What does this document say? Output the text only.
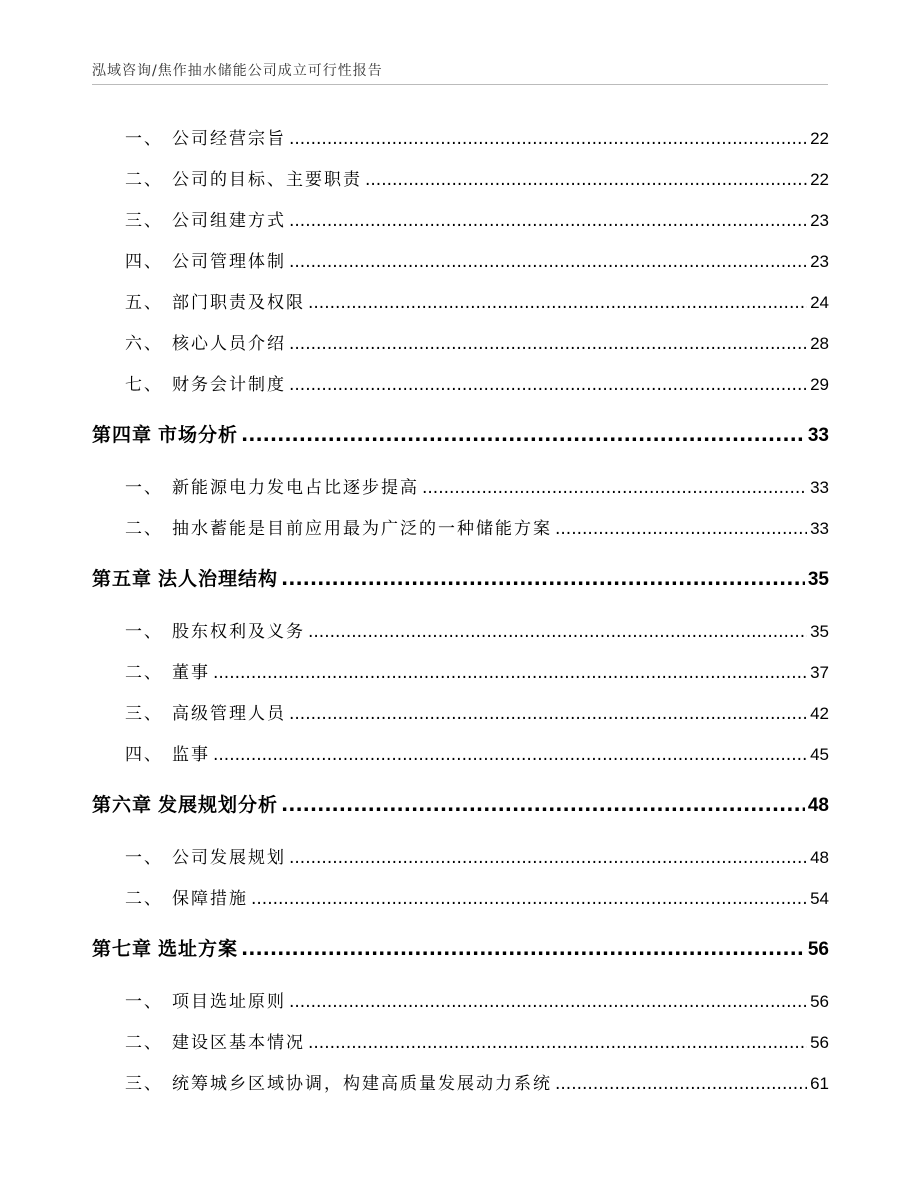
泓域咨询/焦作抽水储能公司成立可行性报告
一、 公司经营宗旨 .....	22
二、 公司的目标、主要职责 .....	22
三、 公司组建方式 .....	23
四、 公司管理体制 .....	23
五、 部门职责及权限 .....	24
六、 核心人员介绍 .....	28
七、 财务会计制度 .....	29
第四章 市场分析 .....	33
一、 新能源电力发电占比逐步提高 .....	33
二、 抽水蓄能是目前应用最为广泛的一种储能方案 .....	33
第五章 法人治理结构 .....	35
一、 股东权利及义务 .....	35
二、 董事 .....	37
三、 高级管理人员 .....	42
四、 监事 .....	45
第六章 发展规划分析 .....	48
一、 公司发展规划 .....	48
二、 保障措施 .....	54
第七章 选址方案 .....	56
一、 项目选址原则 .....	56
二、 建设区基本情况 .....	56
三、 统筹城乡区域协调，构建高质量发展动力系统 .....	61
